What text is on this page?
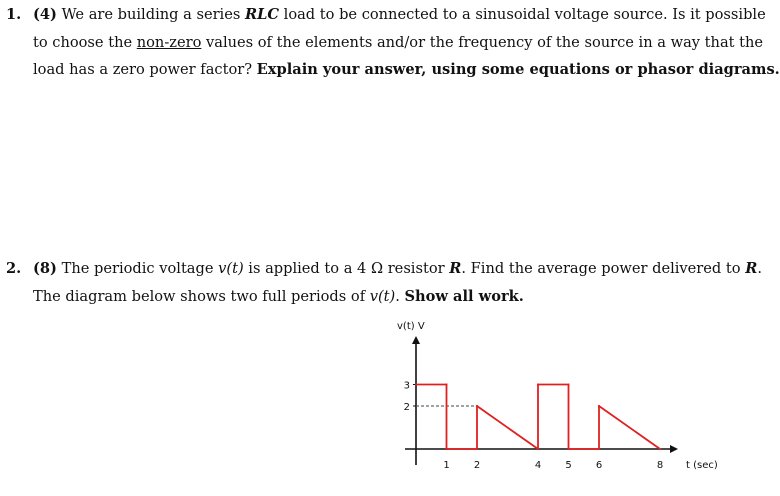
1. (4) We are building a series RLC load to be connected to a sinusoidal voltage source. Is it possible
to choose the non-zero values of the elements and/or the frequency of the source in a way that the
load has a zero power factor? Explain your answer, using some equations or phasor diagrams.
2. (8) The periodic voltage v(t) is applied to a 4 Ω resistor R. Find the average power delivered to R.
The diagram below shows two full periods of v(t). Show all work.
v(t) V
t (sec)
1 2	4 5 6	8
3
2
